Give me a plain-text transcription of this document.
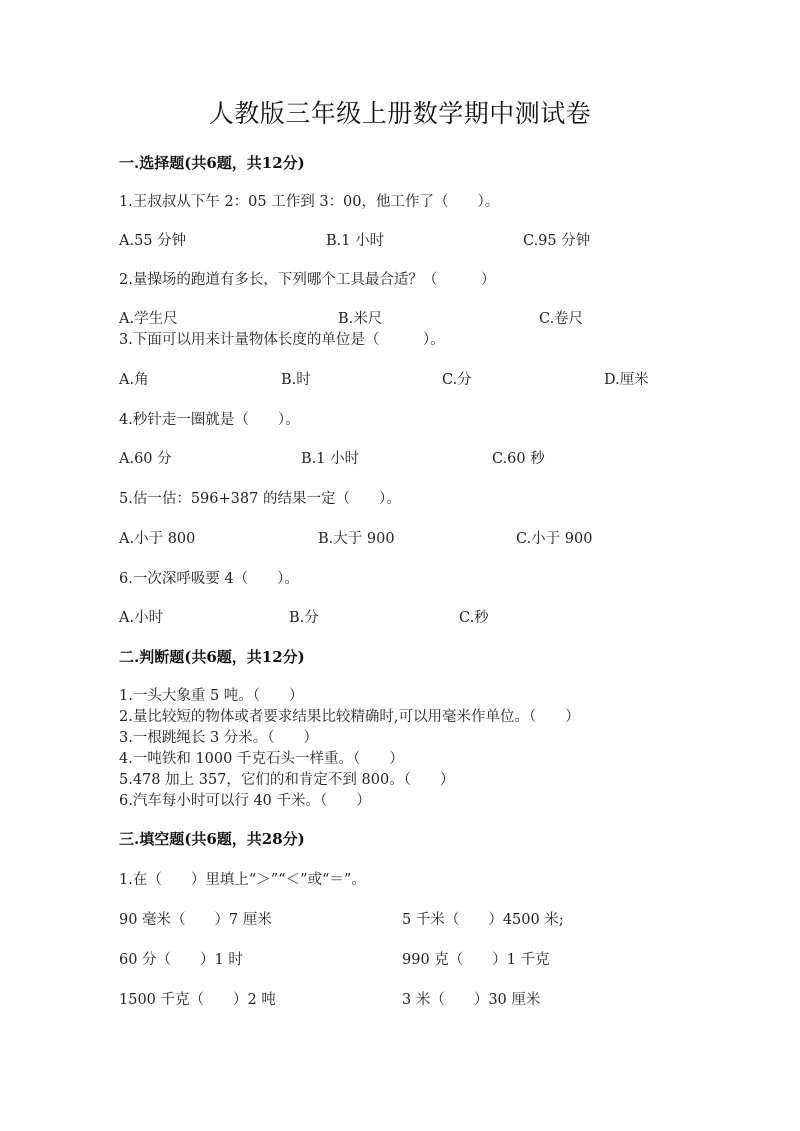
人教版三年级上册数学期中测试卷
一.选择题(共6题，共12分)
1.王叔叔从下午 2：05 工作到 3：00，他工作了（　　）。
A.55 分钟	B.1 小时	C.95 分钟
2.量操场的跑道有多长，下列哪个工具最合适？（　　　）
A.学生尺	B.米尺	C.卷尺
3.下面可以用来计量物体长度的单位是（　　　）。
A.角	B.时	C.分	D.厘米
4.秒针走一圈就是（　　）。
A.60 分	B.1 小时	C.60 秒
5.估一估：596+387 的结果一定（　　）。
A.小于 800	B.大于 900	C.小于 900
6.一次深呼吸要 4（　　）。
A.小时	B.分	C.秒
二.判断题(共6题，共12分)
1.一头大象重 5 吨。（　　）
2.量比较短的物体或者要求结果比较精确时,可以用毫米作单位。（　　）
3.一根跳绳长 3 分米。（　　）
4.一吨铁和 1000 千克石头一样重。（　　）
5.478 加上 357，它们的和肯定不到 800。（　　）
6.汽车每小时可以行 40 千米。（　　）
三.填空题(共6题，共28分)
1.在（　　）里填上“＞”“＜”或“＝”。
90 毫米（　　）7 厘米	5 千米（　　）4500 米;
60 分（　　）1 时	990 克（　　）1 千克
1500 千克（　　）2 吨	3 米（　　）30 厘米
